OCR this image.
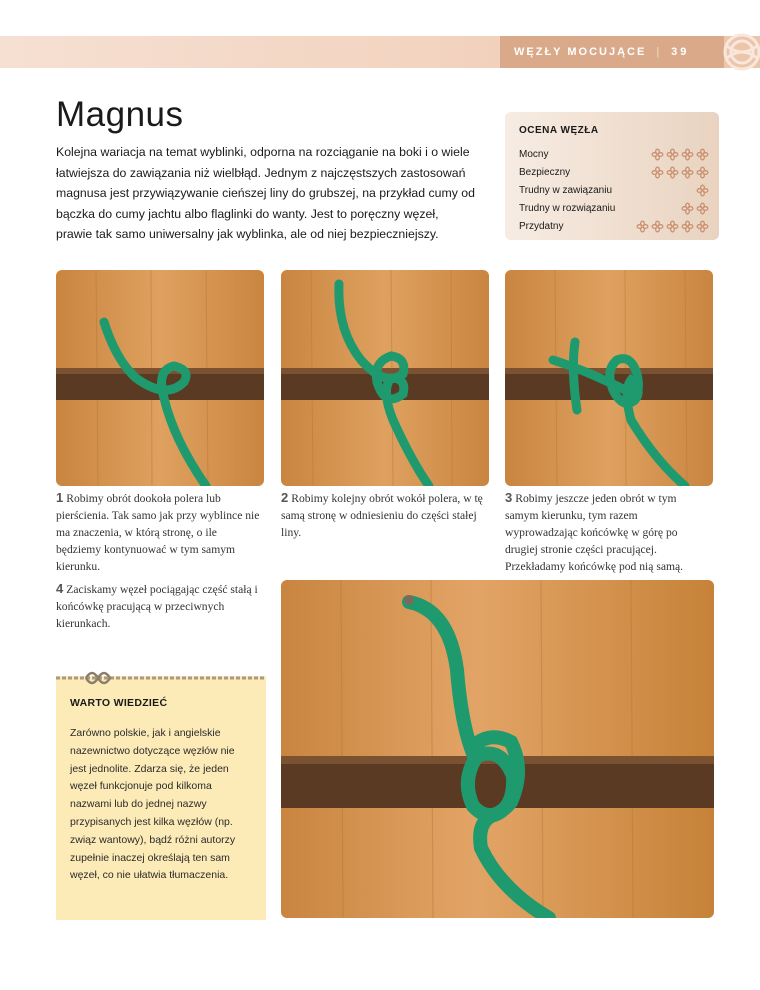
WĘZŁY MOCUJĄCE | 39
Magnus

Kolejna wariacja na temat wyblinki, odporna na rozciąganie na boki i o wiele łatwiejsza do zawiązania niż wielbłąd. Jednym z najczęstszych zastosowań magnusa jest przywiązywanie cieńszej liny do grubszej, na przykład cumy od bączka do cumy jachtu albo flaglinki do wanty. Jest to poręczny węzeł, prawie tak samo uniwersalny jak wyblinka, ale od niej bezpieczniejszy.

OCENA WĘZŁA
Mocny
Bezpieczny
Trudny w zawiązaniu
Trudny w rozwiązaniu
Przydatny

1 Robimy obrót dookoła polera lub pierścienia. Tak samo jak przy wyblince nie ma znaczenia, w którą stronę, o ile będziemy kontynuować w tym samym kierunku.

2 Robimy kolejny obrót wokół polera, w tę samą stronę w odniesieniu do części stałej liny.

3 Robimy jeszcze jeden obrót w tym samym kierunku, tym razem wyprowadzając końcówkę w górę po drugiej stronie części pracującej. Przekładamy końcówkę pod nią samą.

4 Zaciskamy węzeł pociągając część stałą i końcówkę pracującą w przeciwnych kierunkach.

WARTO WIEDZIEĆ

Zarówno polskie, jak i angielskie nazewnictwo dotyczące węzłów nie jest jednolite. Zdarza się, że jeden węzeł funkcjonuje pod kilkoma nazwami lub do jednej nazwy przypisanych jest kilka węzłów (np. związ wantowy), bądź różni autorzy zupełnie inaczej określają ten sam węzeł, co nie ułatwia tłumaczenia.
